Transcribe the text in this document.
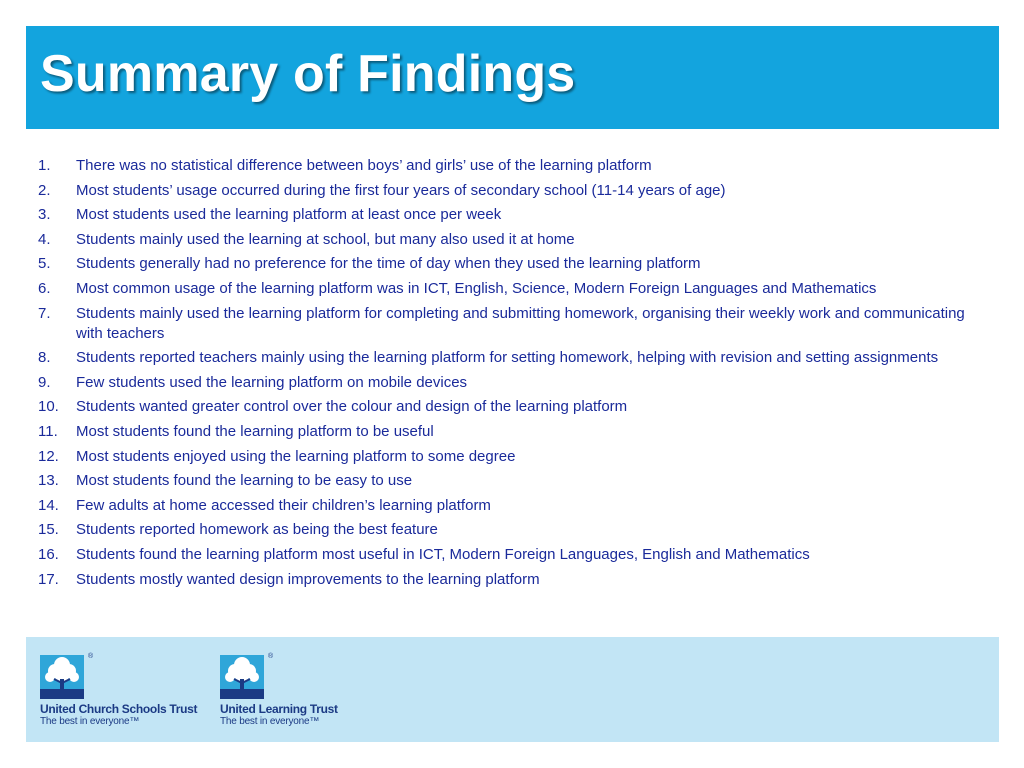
Summary of Findings
1.	There was no statistical difference between boys’ and girls’ use of the learning platform
2.	Most students’ usage occurred during the first four years of secondary school (11-14 years of age)
3.	Most students used the learning platform at least once per week
4.	Students mainly used the learning at school, but many also used it at home
5.	Students generally had no preference for the time of day when they used the learning platform
6.	Most common usage of the learning platform was in ICT, English, Science, Modern Foreign Languages and Mathematics
7.	Students mainly used the learning platform for completing and submitting homework, organising their weekly work and communicating with teachers
8.	Students reported teachers mainly using the learning platform for setting homework, helping with revision and setting assignments
9.	Few students used the learning platform on mobile devices
10.	Students wanted greater control over the colour and design of the learning platform
11.	Most students found the learning platform to be useful
12.	Most students enjoyed using the learning platform to some degree
13.	Most students found the learning to be easy to use
14.	Few adults at home accessed their children’s learning platform
15.	Students reported homework as being the best feature
16.	Students found the learning platform most useful in ICT, Modern Foreign Languages, English and Mathematics
17.	Students mostly wanted design improvements to the learning platform
®
United Church Schools Trust
The best in everyone™
®
United Learning Trust
The best in everyone™
